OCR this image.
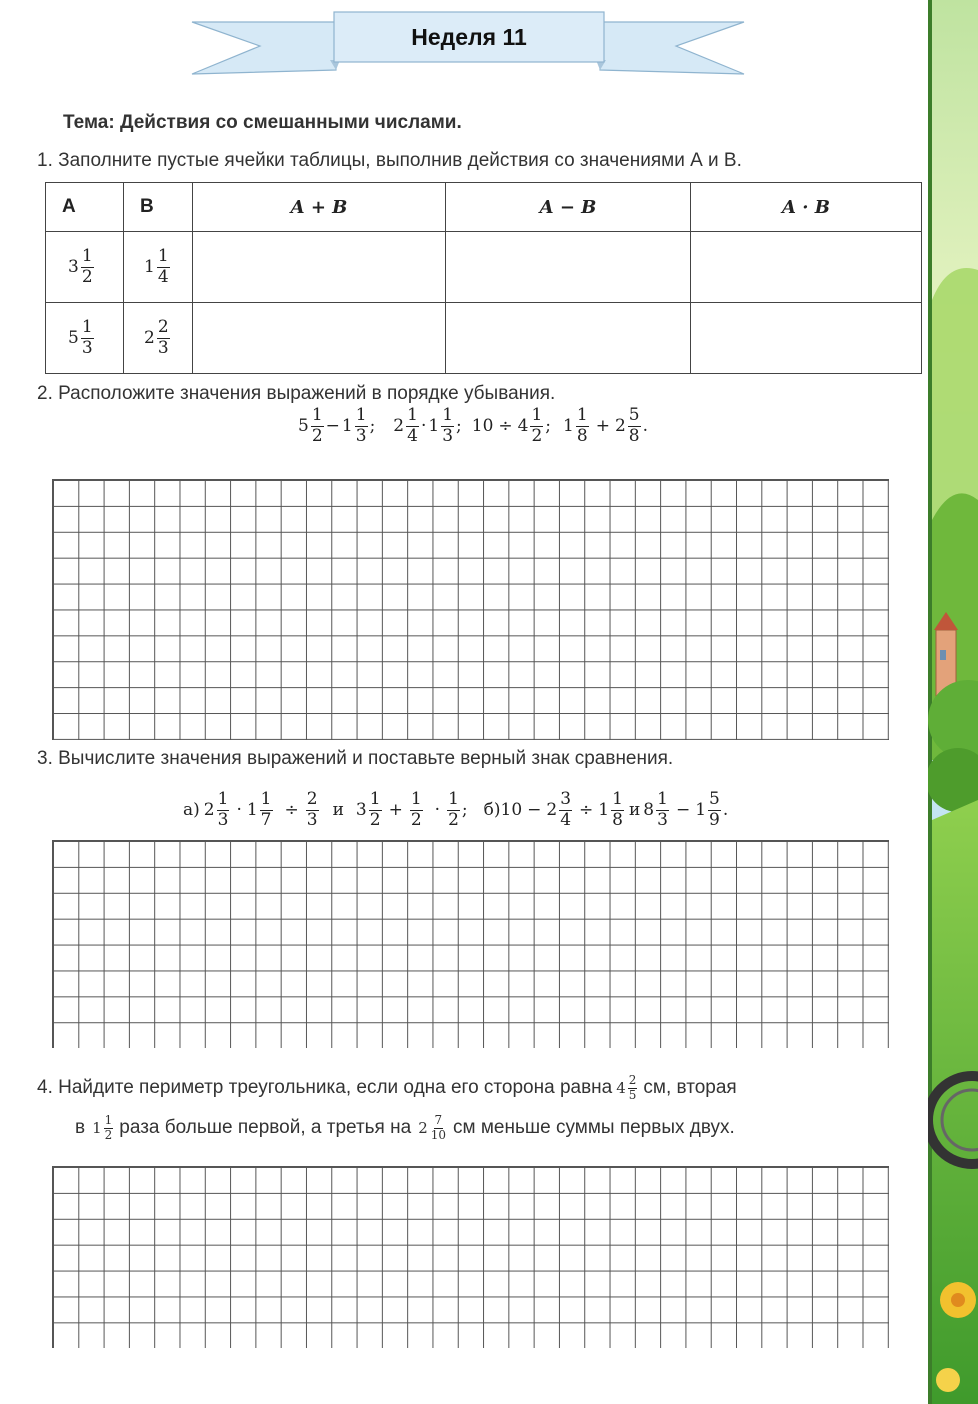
Неделя 11
Тема: Действия со смешанными числами.
1. Заполните пустые ячейки таблицы, выполнив действия со значениями А и В.
А	В	A + B	A − B	A · B

$3 \frac{1}{2}$	$1 \frac{1}{4}$

$5 \frac{1}{3}$	$2 \frac{2}{3}$

2. Расположите значения выражений в порядке убывания.
$5 \frac{1}{2} - 1 \frac{1}{3}$ ; $2 \frac{1}{4} \cdot 1 \frac{1}{3}$ ; $10 \div 4 \frac{1}{2}$ ; $1 \frac{1}{8} + 2 \frac{5}{8}$ .
3. Вычислите значения выражений и поставьте верный знак сравнения.
а) $2 \frac{1}{3} \cdot 1 \frac{1}{7} \div \frac{2}{3}$ и $3 \frac{1}{2} + \frac{1}{2} \cdot \frac{1}{2}$ ; б) $10 - 2 \frac{3}{4} \div 1 \frac{1}{8}$ и $8 \frac{1}{3} - 1 \frac{5}{9}$ .
4. Найдите периметр треугольника, если одна его сторона равна $4 \frac{2}{5}$ см, вторая
в $1 \frac{1}{2}$ раза больше первой, а третья на $2 \frac{7}{10}$ см меньше суммы первых двух.
